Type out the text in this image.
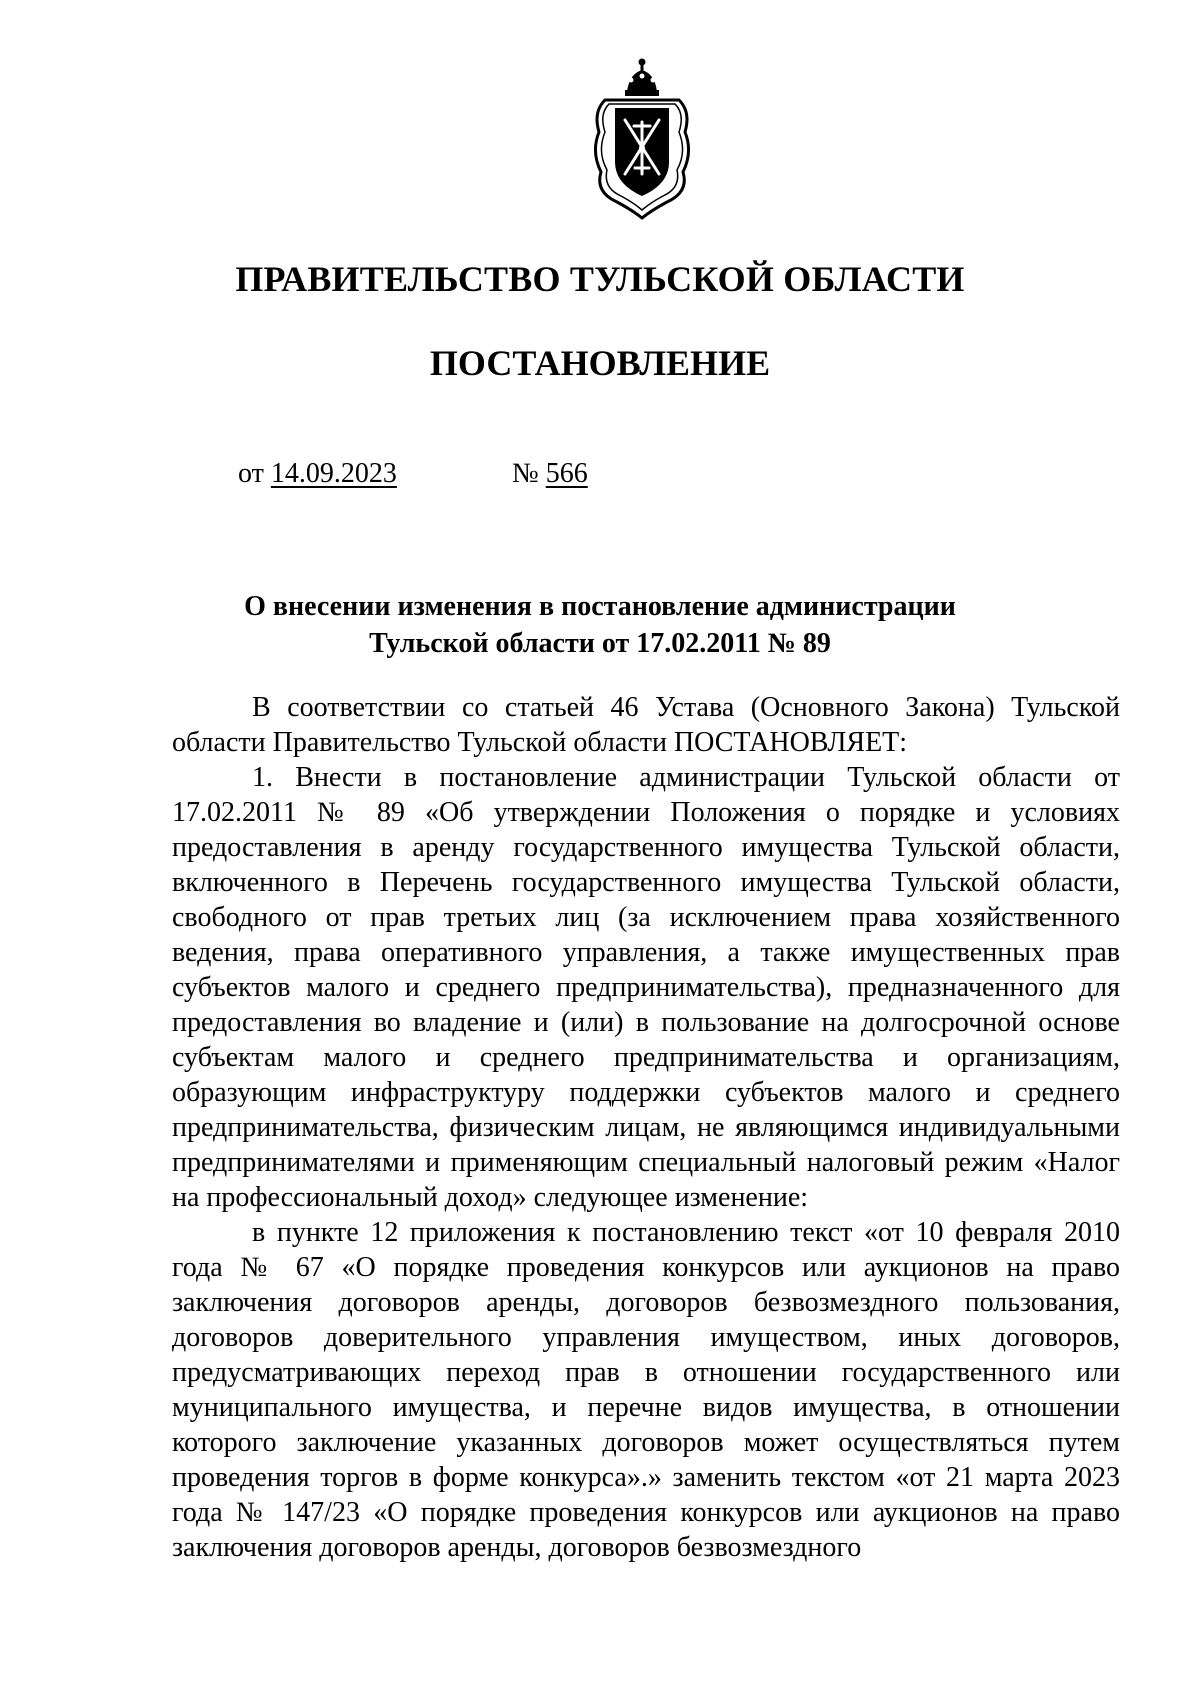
ПРАВИТЕЛЬСТВО ТУЛЬСКОЙ ОБЛАСТИ
ПОСТАНОВЛЕНИЕ
от 14.09.2023	№ 566
О внесении изменения в постановление администрации
Тульской области от 17.02.2011 № 89

В соответствии со статьей 46 Устава (Основного Закона) Тульской области Правительство Тульской области ПОСТАНОВЛЯЕТ:

1. Внести в постановление администрации Тульской области от 17.02.2011 № 89 «Об утверждении Положения о порядке и условиях предоставления в аренду государственного имущества Тульской области, включенного в Перечень государственного имущества Тульской области, свободного от прав третьих лиц (за исключением права хозяйственного ведения, права оперативного управления, а также имущественных прав субъектов малого и среднего предпринимательства), предназначенного для предоставления во владение и (или) в пользование на долгосрочной основе субъектам малого и среднего предпринимательства и организациям, образующим инфраструктуру поддержки субъектов малого и среднего предпринимательства, физическим лицам, не являющимся индивидуальными предпринимателями и применяющим специальный налоговый режим «Налог на профессиональный доход» следующее изменение:

в пункте 12 приложения к постановлению текст «от 10 февраля 2010 года № 67 «О порядке проведения конкурсов или аукционов на право заключения договоров аренды, договоров безвозмездного пользования, договоров доверительного управления имуществом, иных договоров, предусматривающих переход прав в отношении государственного или муниципального имущества, и перечне видов имущества, в отношении которого заключение указанных договоров может осуществляться путем проведения торгов в форме конкурса».» заменить текстом «от 21 марта 2023 года № 147/23 «О порядке проведения конкурсов или аукционов на право заключения договоров аренды, договоров безвозмездного
